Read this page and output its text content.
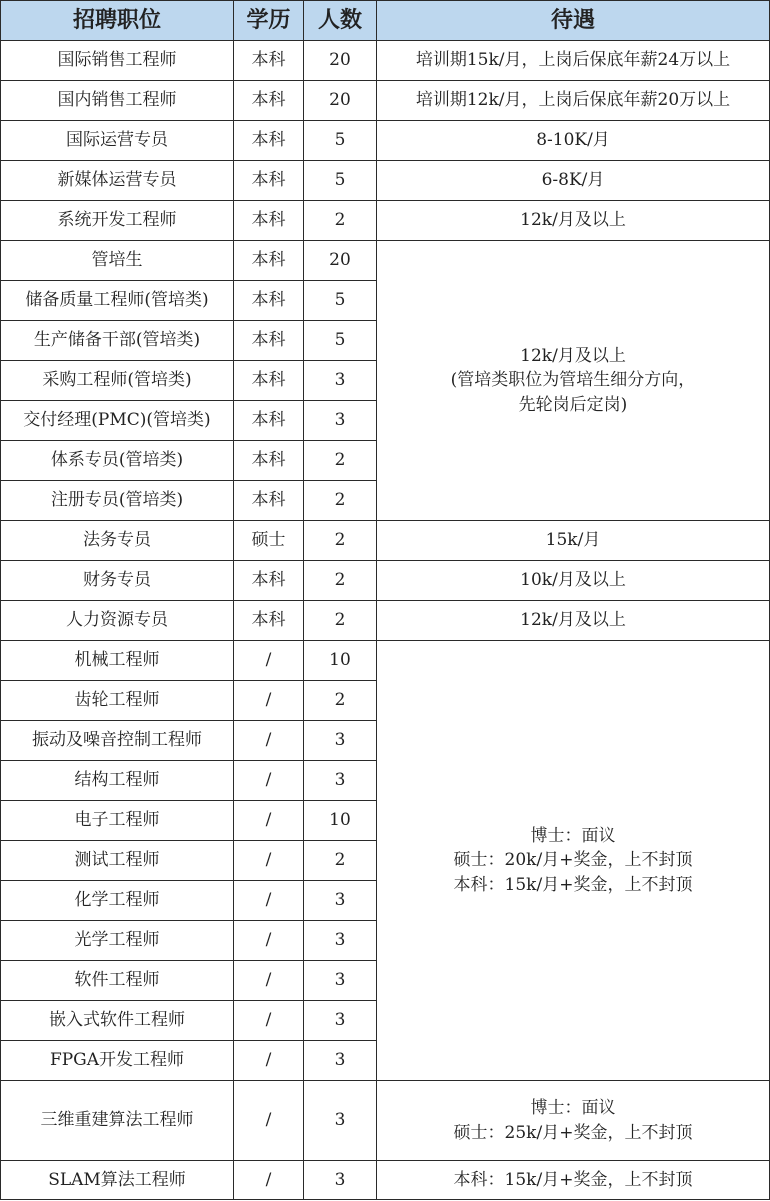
招聘职位	学历	人数	待遇
国际销售工程师	本科	20	培训期15k/月，上岗后保底年薪24万以上
国内销售工程师	本科	20	培训期12k/月，上岗后保底年薪20万以上
国际运营专员	本科	5	8-10K/月
新媒体运营专员	本科	5	6-8K/月
系统开发工程师	本科	2	12k/月及以上
管培生	本科	20	12k/月及以上
(管培类职位为管培生细分方向，
先轮岗后定岗)
储备质量工程师(管培类)	本科	5	
生产储备干部(管培类)	本科	5	
采购工程师(管培类)	本科	3	
交付经理(PMC)(管培类)	本科	3	
体系专员(管培类)	本科	2	
注册专员(管培类)	本科	2	
法务专员	硕士	2	15k/月
财务专员	本科	2	10k/月及以上
人力资源专员	本科	2	12k/月及以上
机械工程师	/	10	博士：面议
硕士：20k/月+奖金，上不封顶
本科：15k/月+奖金，上不封顶
齿轮工程师	/	2	
振动及噪音控制工程师	/	3	
结构工程师	/	3	
电子工程师	/	10	
测试工程师	/	2	
化学工程师	/	3	
光学工程师	/	3	
软件工程师	/	3	
嵌入式软件工程师	/	3	
FPGA开发工程师	/	3	
三维重建算法工程师	/	3	博士：面议
硕士：25k/月+奖金，上不封顶
SLAM算法工程师	/	3	本科：15k/月+奖金，上不封顶
